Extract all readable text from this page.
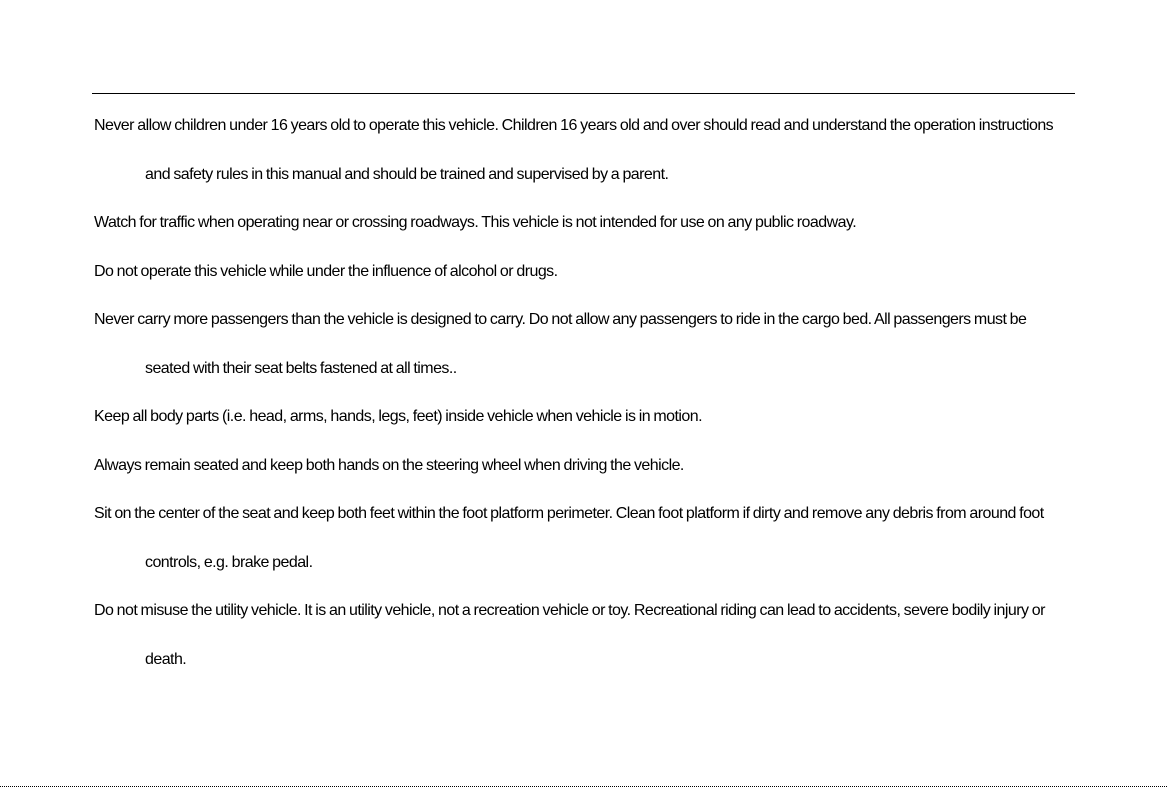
Never allow children under 16 years old to operate this vehicle. Children 16 years old and over should read and understand the operation instructions and safety rules in this manual and should be trained and supervised by a parent.
Watch for traffic when operating near or crossing roadways. This vehicle is not intended for use on any public roadway.
Do not operate this vehicle while under the influence of alcohol or drugs.
Never carry more passengers than the vehicle is designed to carry. Do not allow any passengers to ride in the cargo bed. All passengers must be seated with their seat belts fastened at all times..
Keep all body parts (i.e. head, arms, hands, legs, feet) inside vehicle when vehicle is in motion.
Always remain seated and keep both hands on the steering wheel when driving the vehicle.
Sit on the center of the seat and keep both feet within the foot platform perimeter. Clean foot platform if dirty and remove any debris from around foot controls, e.g. brake pedal.
Do not misuse the utility vehicle. It is an utility vehicle, not a recreation vehicle or toy. Recreational riding can lead to accidents, severe bodily injury or death.
